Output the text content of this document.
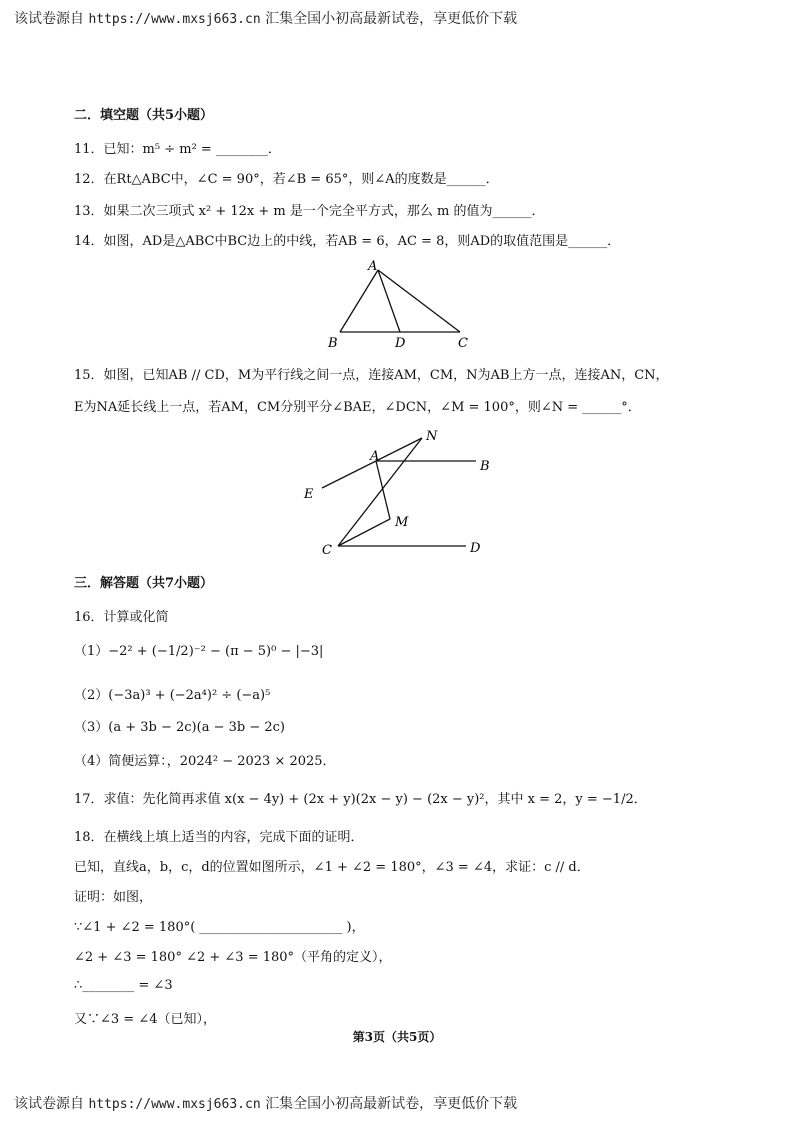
该试卷源自 https://www.mxsj663.cn 汇集全国小初高最新试卷，享更低价下载
二．填空题（共5小题）
11．已知：m⁵ ÷ m² = ________．
12．在Rt△ABC中，∠C = 90°，若∠B = 65°，则∠A的度数是______．
13．如果二次三项式 x² + 12x + m 是一个完全平方式，那么 m 的值为______．
14．如图，AD是△ABC中BC边上的中线，若AB = 6，AC = 8，则AD的取值范围是______．
A
B	D	C
15．如图，已知AB // CD，M为平行线之间一点，连接AM，CM，N为AB上方一点，连接AN，CN，
E为NA延长线上一点，若AM，CM分别平分∠BAE，∠DCN，∠M = 100°，则∠N = ______°．
N
A
B
E
M
C	D
三．解答题（共7小题）
16．计算或化简
（1）−2² + (−1/2)⁻² − (π − 5)⁰ − |−3|
（2）(−3a)³ + (−2a⁴)² ÷ (−a)⁵
（3）(a + 3b − 2c)(a − 3b − 2c)
（4）简便运算：，2024² − 2023 × 2025．
17．求值：先化简再求值 x(x − 4y) + (2x + y)(2x − y) − (2x − y)²，其中 x = 2，y = −1/2．
18．在横线上填上适当的内容，完成下面的证明．
已知，直线a，b，c，d的位置如图所示，∠1 + ∠2 = 180°，∠3 = ∠4，求证：c // d．
证明：如图，
∵∠1 + ∠2 = 180°( ______________________ )，
∠2 + ∠3 = 180° ∠2 + ∠3 = 180°（平角的定义），
∴________ = ∠3
又∵∠3 = ∠4（已知），
第3页（共5页）
该试卷源自 https://www.mxsj663.cn 汇集全国小初高最新试卷，享更低价下载
